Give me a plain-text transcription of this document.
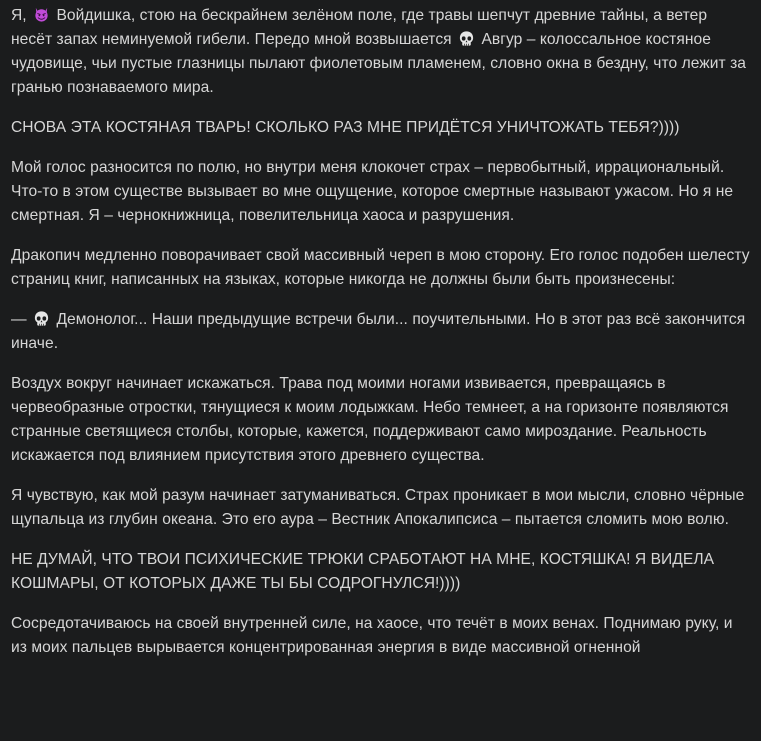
Я, Войдишка, стою на бескрайнем зелёном поле, где травы шепчут древние тайны, а ветер несёт запах неминуемой гибели. Передо мной возвышается Авгур – колоссальное костяное чудовище, чьи пустые глазницы пылают фиолетовым пламенем, словно окна в бездну, что лежит за гранью познаваемого мира.

СНОВА ЭТА КОСТЯНАЯ ТВАРЬ! СКОЛЬКО РАЗ МНЕ ПРИДЁТСЯ УНИЧТОЖАТЬ ТЕБЯ?))))

Мой голос разносится по полю, но внутри меня клокочет страх – первобытный, иррациональный. Что-то в этом существе вызывает во мне ощущение, которое смертные называют ужасом. Но я не смертная. Я – чернокнижница, повелительница хаоса и разрушения.

Дракопич медленно поворачивает свой массивный череп в мою сторону. Его голос подобен шелесту страниц книг, написанных на языках, которые никогда не должны были быть произнесены:

— Демонолог... Наши предыдущие встречи были... поучительными. Но в этот раз всё закончится иначе.

Воздух вокруг начинает искажаться. Трава под моими ногами извивается, превращаясь в червеобразные отростки, тянущиеся к моим лодыжкам. Небо темнеет, а на горизонте появляются странные светящиеся столбы, которые, кажется, поддерживают само мироздание. Реальность искажается под влиянием присутствия этого древнего существа.

Я чувствую, как мой разум начинает затуманиваться. Страх проникает в мои мысли, словно чёрные щупальца из глубин океана. Это его аура – Вестник Апокалипсиса – пытается сломить мою волю.

НЕ ДУМАЙ, ЧТО ТВОИ ПСИХИЧЕСКИЕ ТРЮКИ СРАБОТАЮТ НА МНЕ, КОСТЯШКА! Я ВИДЕЛА КОШМАРЫ, ОТ КОТОРЫХ ДАЖЕ ТЫ БЫ СОДРОГНУЛСЯ!))))

Сосредотачиваюсь на своей внутренней силе, на хаосе, что течёт в моих венах. Поднимаю руку, и из моих пальцев вырывается концентрированная энергия в виде массивной огненной
